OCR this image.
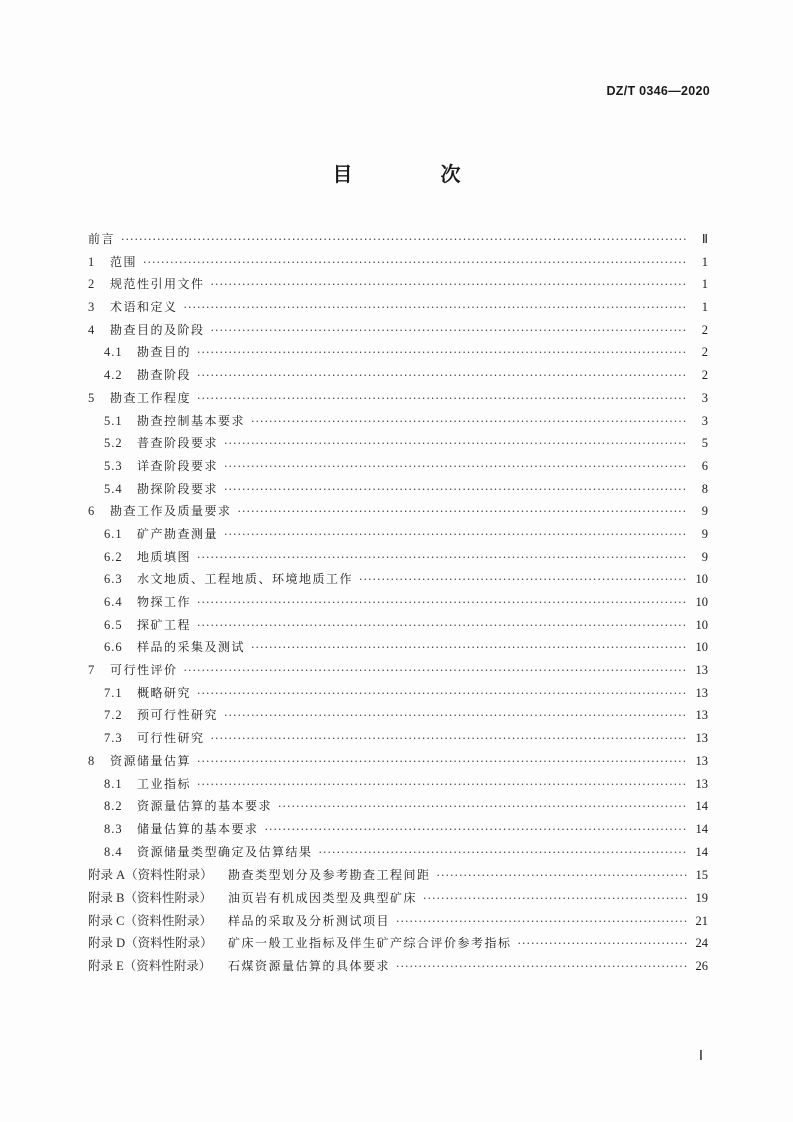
DZ/T 0346—2020
目　次
前言 ·····	Ⅱ
1	范围 ·····	1
2	规范性引用文件 ·····	1
3	术语和定义 ·····	1
4	勘查目的及阶段 ·····	2
4.1	勘查目的 ·····	2
4.2	勘查阶段 ·····	2
5	勘查工作程度 ·····	3
5.1	勘查控制基本要求 ·····	3
5.2	普查阶段要求 ·····	5
5.3	详查阶段要求 ·····	6
5.4	勘探阶段要求 ·····	8
6	勘查工作及质量要求 ·····	9
6.1	矿产勘查测量 ·····	9
6.2	地质填图 ·····	9
6.3	水文地质、工程地质、环境地质工作 ·····	10
6.4	物探工作 ·····	10
6.5	探矿工程 ·····	10
6.6	样品的采集及测试 ·····	10
7	可行性评价 ·····	13
7.1	概略研究 ·····	13
7.2	预可行性研究 ·····	13
7.3	可行性研究 ·····	13
8	资源储量估算 ·····	13
8.1	工业指标 ·····	13
8.2	资源量估算的基本要求 ·····	14
8.3	储量估算的基本要求 ·····	14
8.4	资源储量类型确定及估算结果 ·····	14
附录 A（资料性附录）	勘查类型划分及参考勘查工程间距 ·····	15
附录 B（资料性附录）	油页岩有机成因类型及典型矿床 ·····	19
附录 C（资料性附录）	样品的采取及分析测试项目 ·····	21
附录 D（资料性附录）	矿床一般工业指标及伴生矿产综合评价参考指标 ·····	24
附录 E（资料性附录）	石煤资源量估算的具体要求 ·····	26
Ⅰ
